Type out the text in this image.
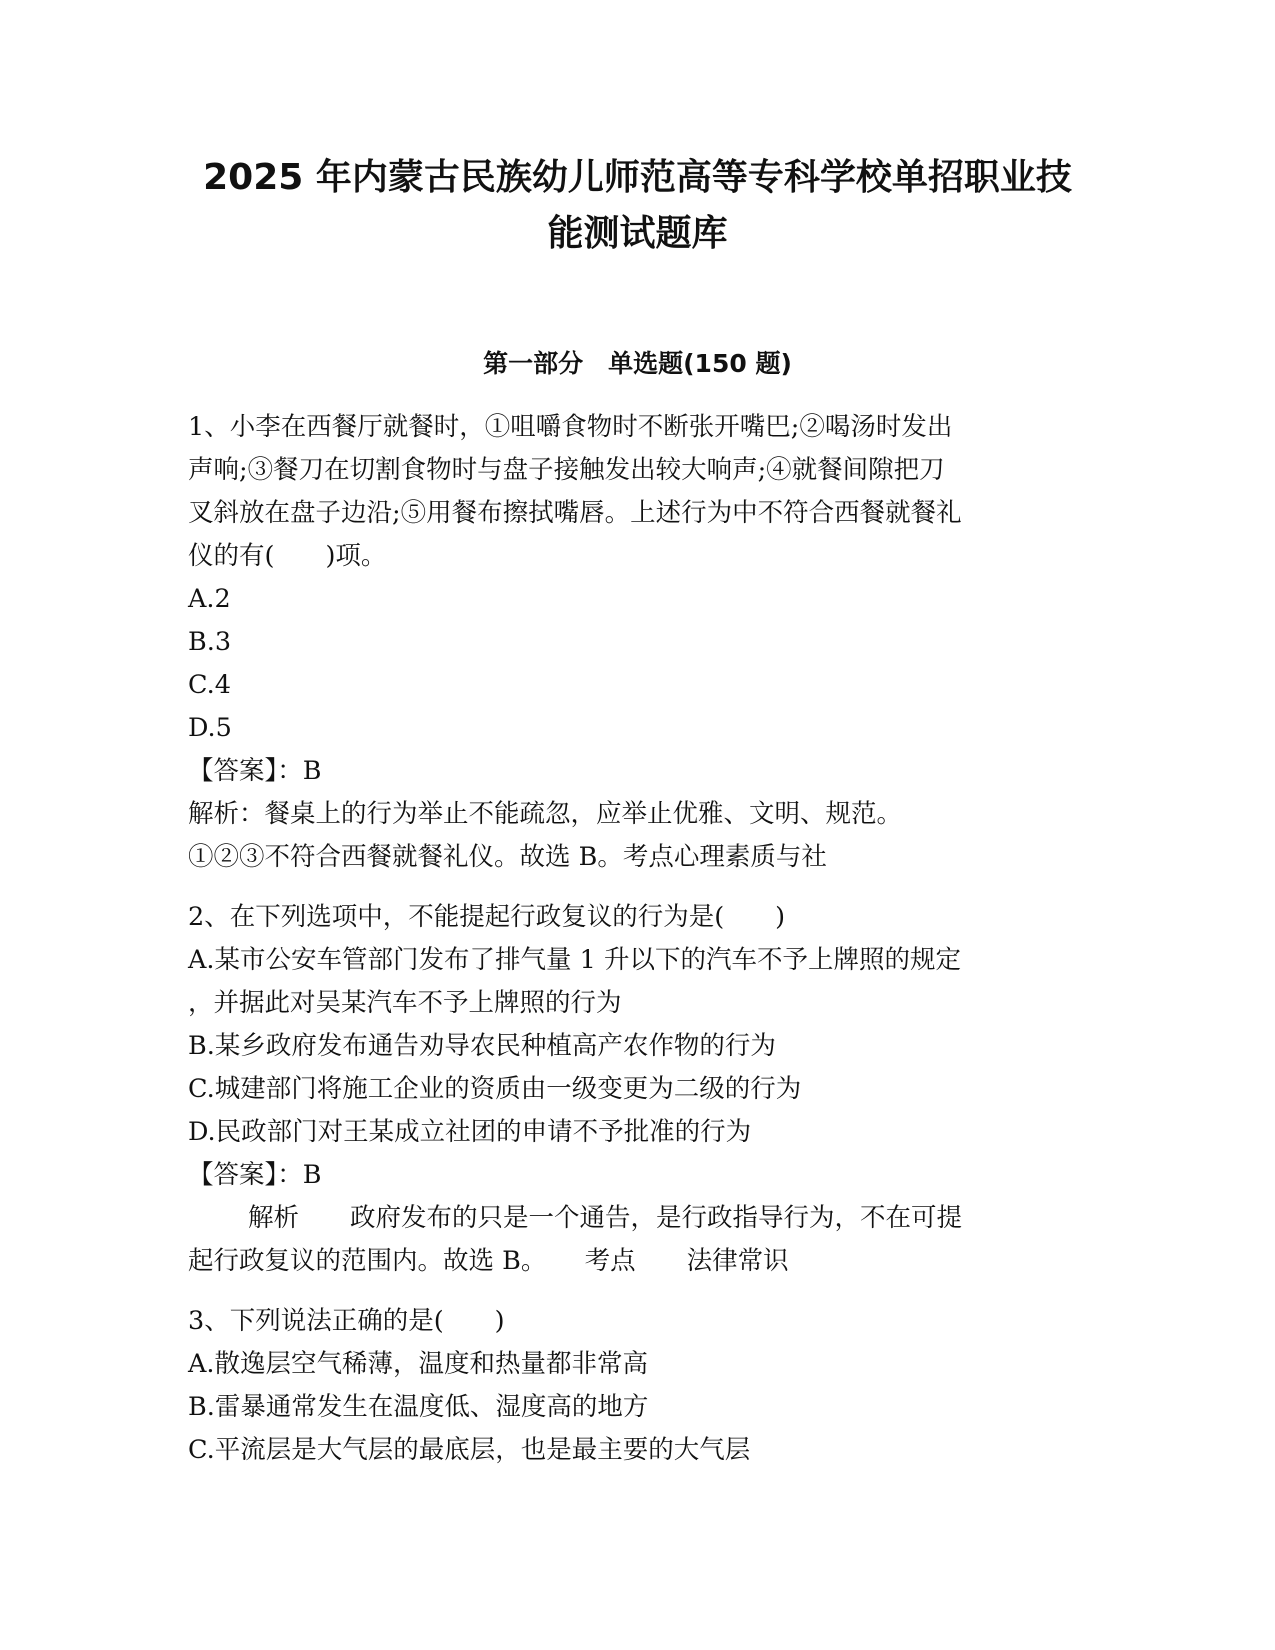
2025 年内蒙古民族幼儿师范高等专科学校单招职业技
能测试题库
第一部分　单选题(150 题)

1、小李在西餐厅就餐时，①咀嚼食物时不断张开嘴巴;②喝汤时发出

声响;③餐刀在切割食物时与盘子接触发出较大响声;④就餐间隙把刀

叉斜放在盘子边沿;⑤用餐布擦拭嘴唇。上述行为中不符合西餐就餐礼

仪的有(　　)项。

A.2

B.3

C.4

D.5

【答案】：B

解析：餐桌上的行为举止不能疏忽，应举止优雅、文明、规范。

①②③不符合西餐就餐礼仪。故选 B。考点心理素质与社

2、在下列选项中，不能提起行政复议的行为是(　　)

A.某市公安车管部门发布了排气量 1 升以下的汽车不予上牌照的规定

，并据此对吴某汽车不予上牌照的行为

B.某乡政府发布通告劝导农民种植高产农作物的行为

C.城建部门将施工企业的资质由一级变更为二级的行为

D.民政部门对王某成立社团的申请不予批准的行为

【答案】：B

解析　　政府发布的只是一个通告，是行政指导行为，不在可提

起行政复议的范围内。故选 B。　　考点　　法律常识

3、下列说法正确的是(　　)

A.散逸层空气稀薄，温度和热量都非常高

B.雷暴通常发生在温度低、湿度高的地方

C.平流层是大气层的最底层，也是最主要的大气层
